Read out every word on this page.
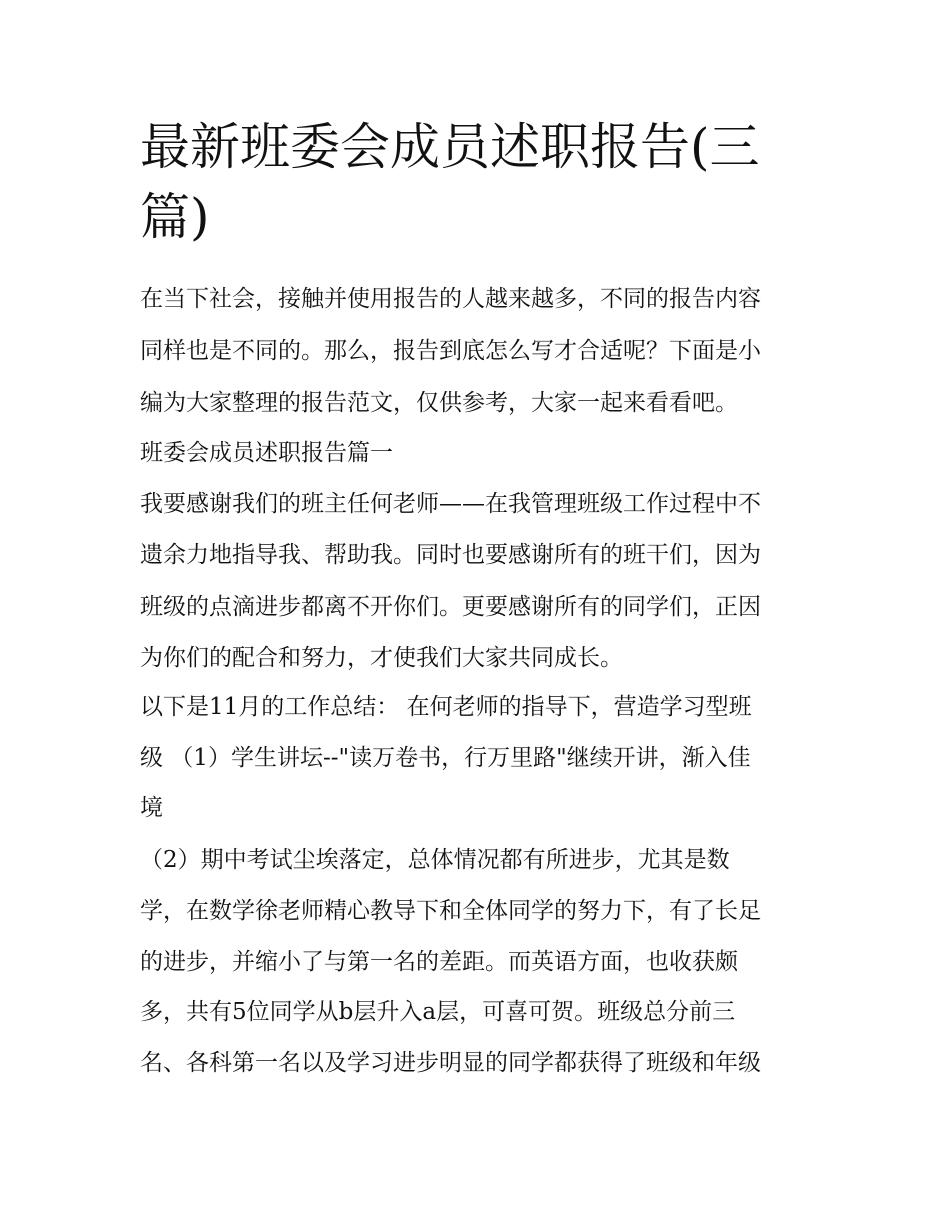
最新班委会成员述职报告(三
篇)

在当下社会，接触并使用报告的人越来越多，不同的报告内容

同样也是不同的。那么，报告到底怎么写才合适呢？下面是小

编为大家整理的报告范文，仅供参考，大家一起来看看吧。

班委会成员述职报告篇一

我要感谢我们的班主任何老师——在我管理班级工作过程中不

遗余力地指导我、帮助我。同时也要感谢所有的班干们，因为

班级的点滴进步都离不开你们。更要感谢所有的同学们，正因

为你们的配合和努力，才使我们大家共同成长。

以下是11月的工作总结： 在何老师的指导下，营造学习型班

级 （1）学生讲坛--"读万卷书，行万里路"继续开讲，渐入佳

境

（2）期中考试尘埃落定，总体情况都有所进步，尤其是数

学，在数学徐老师精心教导下和全体同学的努力下，有了长足

的进步，并缩小了与第一名的差距。而英语方面，也收获颇

多，共有5位同学从b层升入a层，可喜可贺。班级总分前三

名、各科第一名以及学习进步明显的同学都获得了班级和年级
